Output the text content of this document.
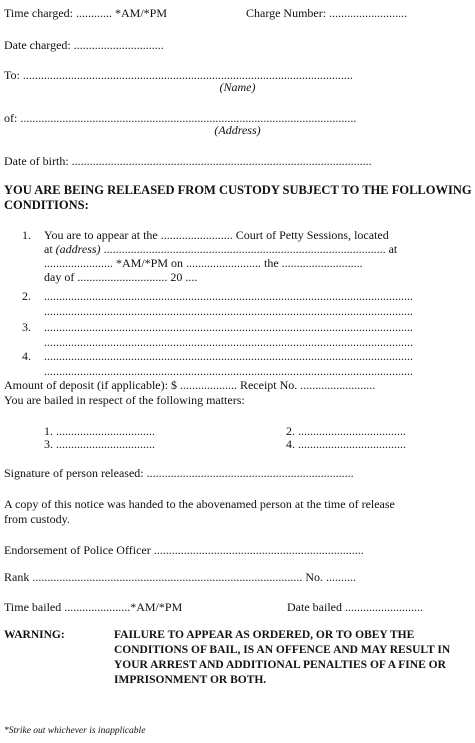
Time charged: ............ *AM/*PM	Charge Number: ..........................
Date charged: ..............................
To: ..............................................................................................................
(Name)
of: ................................................................................................................
(Address)
Date of birth: ....................................................................................................
YOU ARE BEING RELEASED FROM CUSTODY SUBJECT TO THE FOLLOWING CONDITIONS:
1. You are to appear at the ........................ Court of Petty Sessions, located
at (address) .............................................................................................. at
....................... *AM/*PM on ......................... the ...........................
day of .............................. 20 ....
2. ...........................................................................................................................
...........................................................................................................................
3. ...........................................................................................................................
...........................................................................................................................
4. ...........................................................................................................................
...........................................................................................................................
Amount of deposit (if applicable): $ ................... Receipt No. .........................
You are bailed in respect of the following matters:
1. .................................	2. ....................................
3. .................................	4. ....................................
Signature of person released: .....................................................................
A copy of this notice was handed to the abovenamed person at the time of release
from custody.
Endorsement of Police Officer ......................................................................
Rank .......................................................................................... No. ..........
Time bailed ......................*AM/*PM	Date bailed ..........................
WARNING:	FAILURE TO APPEAR AS ORDERED, OR TO OBEY THE CONDITIONS OF BAIL, IS AN OFFENCE AND MAY RESULT IN YOUR ARREST AND ADDITIONAL PENALTIES OF A FINE OR IMPRISONMENT OR BOTH.
*Strike out whichever is inapplicable
